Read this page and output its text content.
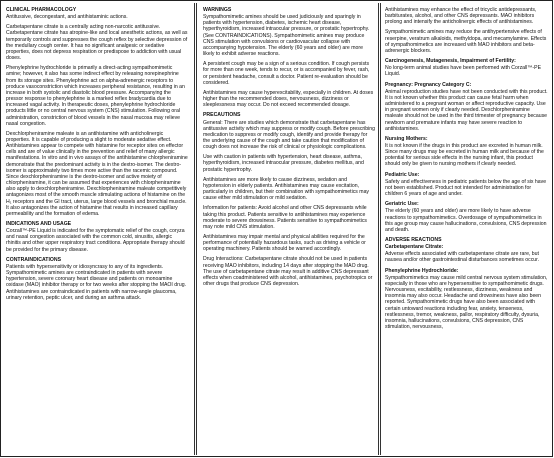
CLINICAL PHARMACOLOGY

Antitussive, decongestant, and antihistaminic actions.

Carbetapentane citrate is a centrally acting non-narcotic antitussive. Carbetapentane citrate has atropine-like and local anesthetic actions, as well as temporarily controls and suppresses the cough reflex by selective depression of the medullary cough center. It has no significant analgesic or sedative properties, does not depress respiration or predispose to addiction with usual doses.

Phenylephrine hydrochloride is primarily a direct-acting sympathomimetic amine; however, it also has some indirect effect by releasing norepinephrine from its storage sites. Phenylephrine act on alpha-adrenergic receptors to produce vasoconstriction which increases peripheral resistance, resulting in an increase in both systolic and diastolic blood pressure. Accompanying the pressor response to phenylephrine is a marked reflex bradycardia due to increased vagal activity. In therapeutic doses, phenylephrine hydrochloride products little or no central nervous system (CNS) stimulation. Following oral administration, constriction of blood vessels in the nasal mucosa may relieve nasal congestion.

Dexchlorpheniramine maleate is an antihistamine with anticholinergic properties. It is capable of producing a slight to moderate sedative effect. Antihistamines appear to compete with histamine for receptor sites on effector cells and are of value clinically in the prevention and relief of many allergic manifestations. In vitro and in vivo assays of the antihistamine chlorpheniramine demonstrate that the predominant activity is in the dextro-isomer. The dextro-isomer is approximately two times more active than the racemic compound. Since dexchlorpheniramine is the dextro-isomer and active moiety of chlorpheniramine, it can be assumed that experiences with chlorpheniramine also apply to dexchlorpheniramine. Dexchlorpheniramine maleate competitively antagonizes most of the smooth muscle stimulating actions of histamine on the H₁ receptors and the GI tract, uterus, large blood vessels and bronchial muscle. It also antagonizes the action of histamine that results in increased capillary permeability and the formation of edema.

INDICATIONS AND USAGE

Corzall™-PE Liquid is indicated for the symptomatic relief of the cough, coryza and nasal congestion associated with the common cold, sinusitis, allergic rhinitis and other upper respiratory tract conditions. Appropriate therapy should be provided for the primary disease.

CONTRAINDICATIONS

Patients with hypersensitivity or idiosyncrasy to any of its ingredients. Sympathomimetic amines are contraindicated in patients with severe hypertension, severe coronary heart disease and patients on monoamine oxidase (MAO) inhibitor therapy or for two weeks after stopping the MAOI drug. Antihistamines are contraindicated in patients with narrow-angle glaucoma, urinary retention, peptic ulcer, and during an asthma attack.

WARNINGS

Sympathomimetic amines should be used judiciously and sparingly in patients with hypertension, diabetes, ischemic heart disease, hyperthyroidism, increased intraocular pressure, or prostatic hypertrophy. (See CONTRAINDICATIONS). Sympathomimetic amines may produce CNS stimulation with convulsions or cardiovascular collapse with accompanying hypotension. The elderly (60 years and older) are more likely to exhibit adverse reactions.

A persistent cough may be a sign of a serious condition. If cough persists for more than one week, tends to recur, or is accompanied by fever, rash, or persistent headache, consult a doctor. Patient re-evaluation should be considered.

Antihistamines may cause hyperexcitability, especially in children. At doses higher than the recommended doses, nervousness, dizziness or sleeplessness may occur. Do not exceed recommended dosage.

PRECAUTIONS

General: There are studies which demonstrate that carbetapentane has antitussive activity which may suppress or modify cough. Before prescribing medication to suppress or modify cough, identify and provide therapy for the underlying cause of the cough and take caution that modification of cough does not increase the risk of clinical or physiologic complications.

Use with caution in patients with hypertension, heart disease, asthma, hyperthyroidism, increased intraocular pressure, diabetes mellitus, and prostatic hypertrophy.

Antihistamines are more likely to cause dizziness, sedation and hypotension in elderly patients. Antihistamines may cause excitation, particularly in children, but their combination with sympathomimetics may cause either mild stimulation or mild sedation.

Information for patients: Avoid alcohol and other CNS depressants while taking this product. Patients sensitive to antihistamines may experience moderate to severe drowsiness. Patients sensitive to sympathomimetics may note mild CNS stimulation.

Antihistamines may impair mental and physical abilities required for the performance of potentially hazardous tasks, such as driving a vehicle or operating machinery. Patients should be warned accordingly.

Drug Interactions: Carbetapentane citrate should not be used in patients receiving MAO inhibitors, including 14 days after stopping the MAO drug. The use of carbetapentane citrate may result in additive CNS depressant effects when coadministered with alcohol, antihistamines, psychotropics or other drugs that produce CNS depression.

Antihistamines may enhance the effect of tricyclic antidepressants, barbiturates, alcohol, and other CNS depressants. MAO inhibitors prolong and intensify the anticholinergic effects of antihistamines.

Sympathomimetic amines may reduce the antihypertensive effects of reserpine, veratrum alkaloids, methyldopa, and mecamylamine. Effects of sympathomimetics are increased with MAO inhibitors and beta-adrenergic blockers.

Carcinogenesis, Mutagenesis, Impairment of Fertility:

No long-term animal studies have been performed with Corzall™-PE Liquid.

Pregnancy: Pregnancy Category C:

Animal reproduction studies have not been conducted with this product. It is not known whether this product can cause fetal harm when administered to a pregnant woman or affect reproductive capacity. Use in pregnant women only if clearly needed. Dexchlorpheniramine maleate should not be used in the third trimester of pregnancy because newborn and premature infants may have severe reaction to antihistamines.

Nursing Mothers:

It is not known if the drugs in this product are excreted in human milk. Since many drugs may be excreted in human milk and because of the potential for serious side effects in the nursing infant, this product should only be given to nursing mothers if clearly needed.

Pediatric Use:

Safety and effectiveness in pediatric patients below the age of six have not been established. Product not intended for administration for children 6 years of age and under.

Geriatric Use:

The elderly (60 years and older) are more likely to have adverse reactions to sympathomimetics. Overdosage of sympathomimetics in this age group may cause hallucinations, convulsions, CNS depression and death.

ADVERSE REACTIONS
Carbetapentane Citrate:

Adverse effects associated with carbetapentane citrate are rare, but nausea and/or other gastrointestinal disturbances sometimes occur.

Phenylephrine Hydrochloride:

Sympathomimetics may cause mild central nervous system stimulation, especially in those who are hypersensitive to sympathomimetic drugs. Nervousness, excitability, restlessness, dizziness, weakness and insomnia may also occur. Headache and drowsiness have also been reported. Sympathomimetic drugs have also been associated with certain untoward reactions including fear, anxiety, tenseness, restlessness, tremor, weakness, pallor, respiratory difficulty, dysuria, insomnia, hallucinations, convulsions, CNS depression, CNS stimulation, nervousness,
